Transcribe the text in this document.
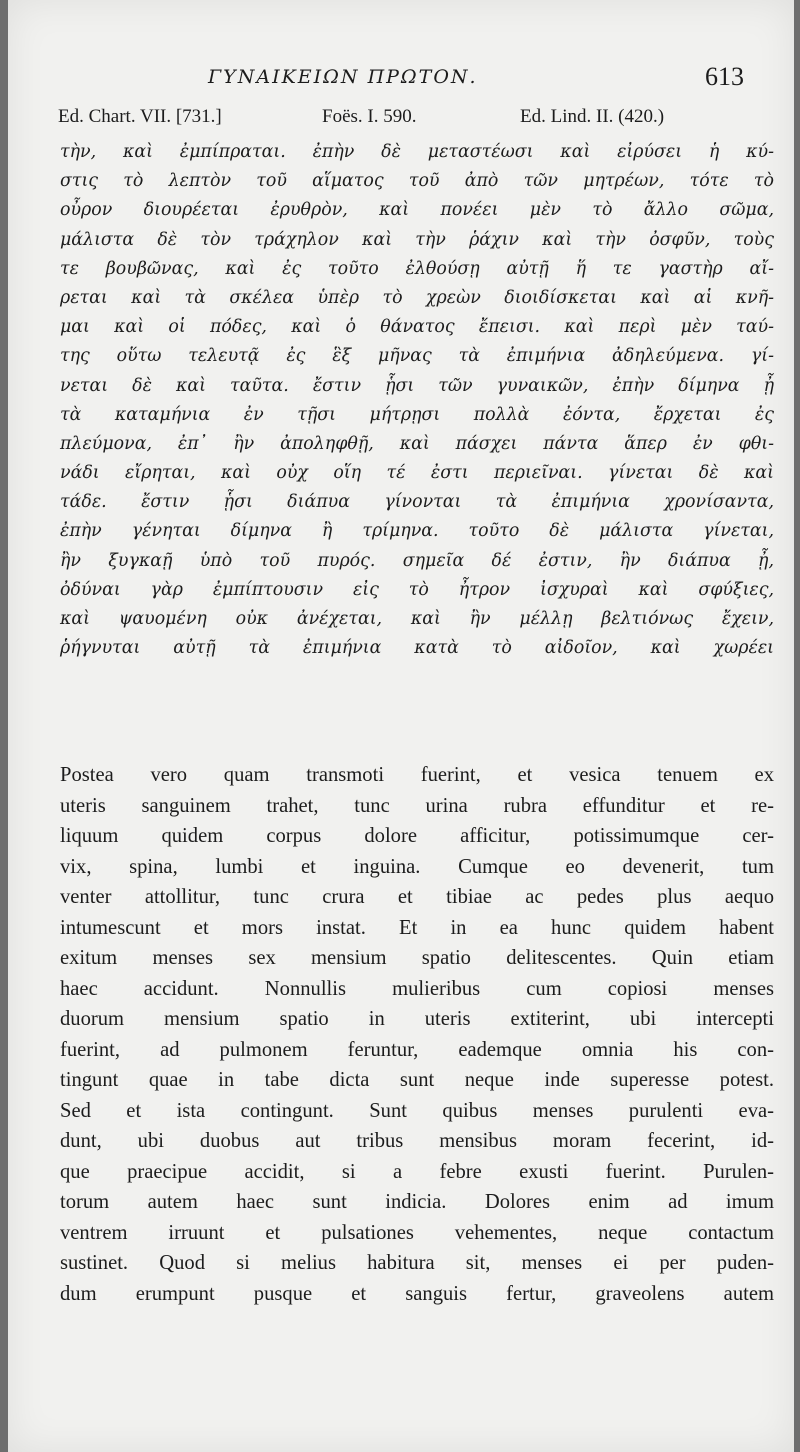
ΓΥΝΑΙΚΕΙΩΝ ΠΡΩΤΟΝ.	613
Ed. Chart. VII. [731.]	Foës. I. 590.	Ed. Lind. II. (420.)
τὴν, καὶ ἐμπίπραται. ἐπὴν δὲ μεταστέωσι καὶ εἰρύσει ἡ κύ-
στις τὸ λεπτὸν τοῦ αἵματος τοῦ ἀπὸ τῶν μητρέων, τότε τὸ
οὖρον διουρέεται ἐρυθρὸν, καὶ πονέει μὲν τὸ ἄλλο σῶμα,
μάλιστα δὲ τὸν τράχηλον καὶ τὴν ῥάχιν καὶ τὴν ὀσφῦν, τοὺς
τε βουβῶνας, καὶ ἐς τοῦτο ἐλθούσῃ αὐτῇ ἥ τε γαστὴρ αἴ-
ρεται καὶ τὰ σκέλεα ὑπὲρ τὸ χρεὼν διοιδίσκεται καὶ αἱ κνῆ-
μαι καὶ οἱ πόδες, καὶ ὁ θάνατος ἔπεισι. καὶ περὶ μὲν ταύ-
της οὕτω τελευτᾷ ἐς ἓξ μῆνας τὰ ἐπιμήνια ἀδηλεύμενα. γί-
νεται δὲ καὶ ταῦτα. ἔστιν ᾗσι τῶν γυναικῶν, ἐπὴν δίμηνα ᾖ
τὰ καταμήνια ἐν τῇσι μήτρῃσι πολλὰ ἐόντα, ἔρχεται ἐς
πλεύμονα, ἐπ᾽ ἢν ἀποληφθῇ, καὶ πάσχει πάντα ἅπερ ἐν φθι-
νάδι εἴρηται, καὶ οὐχ οἵη τέ ἐστι περιεῖναι. γίνεται δὲ καὶ
τάδε. ἔστιν ᾗσι διάπυα γίνονται τὰ ἐπιμήνια χρονίσαντα,
ἐπὴν γένηται δίμηνα ἢ τρίμηνα. τοῦτο δὲ μάλιστα γίνεται,
ἢν ξυγκαῇ ὑπὸ τοῦ πυρός. σημεῖα δέ ἐστιν, ἢν διάπυα ᾖ,
ὀδύναι γὰρ ἐμπίπτουσιν εἰς τὸ ἦτρον ἰσχυραὶ καὶ σφύξιες,
καὶ ψαυομένη οὐκ ἀνέχεται, καὶ ἢν μέλλῃ βελτιόνως ἔχειν,
ῥήγνυται αὐτῇ τὰ ἐπιμήνια κατὰ τὸ αἰδοῖον, καὶ χωρέει
Postea vero quam transmoti fuerint, et vesica tenuem ex
uteris sanguinem trahet, tunc urina rubra effunditur et re-
liquum quidem corpus dolore afficitur, potissimumque cer-
vix, spina, lumbi et inguina. Cumque eo devenerit, tum
venter attollitur, tunc crura et tibiae ac pedes plus aequo
intumescunt et mors instat. Et in ea hunc quidem habent
exitum menses sex mensium spatio delitescentes. Quin etiam
haec accidunt. Nonnullis mulieribus cum copiosi menses
duorum mensium spatio in uteris extiterint, ubi intercepti
fuerint, ad pulmonem feruntur, eademque omnia his con-
tingunt quae in tabe dicta sunt neque inde superesse potest.
Sed et ista contingunt. Sunt quibus menses purulenti eva-
dunt, ubi duobus aut tribus mensibus moram fecerint, id-
que praecipue accidit, si a febre exusti fuerint. Purulen-
torum autem haec sunt indicia. Dolores enim ad imum
ventrem irruunt et pulsationes vehementes, neque contactum
sustinet. Quod si melius habitura sit, menses ei per puden-
dum erumpunt pusque et sanguis fertur, graveolens autem
